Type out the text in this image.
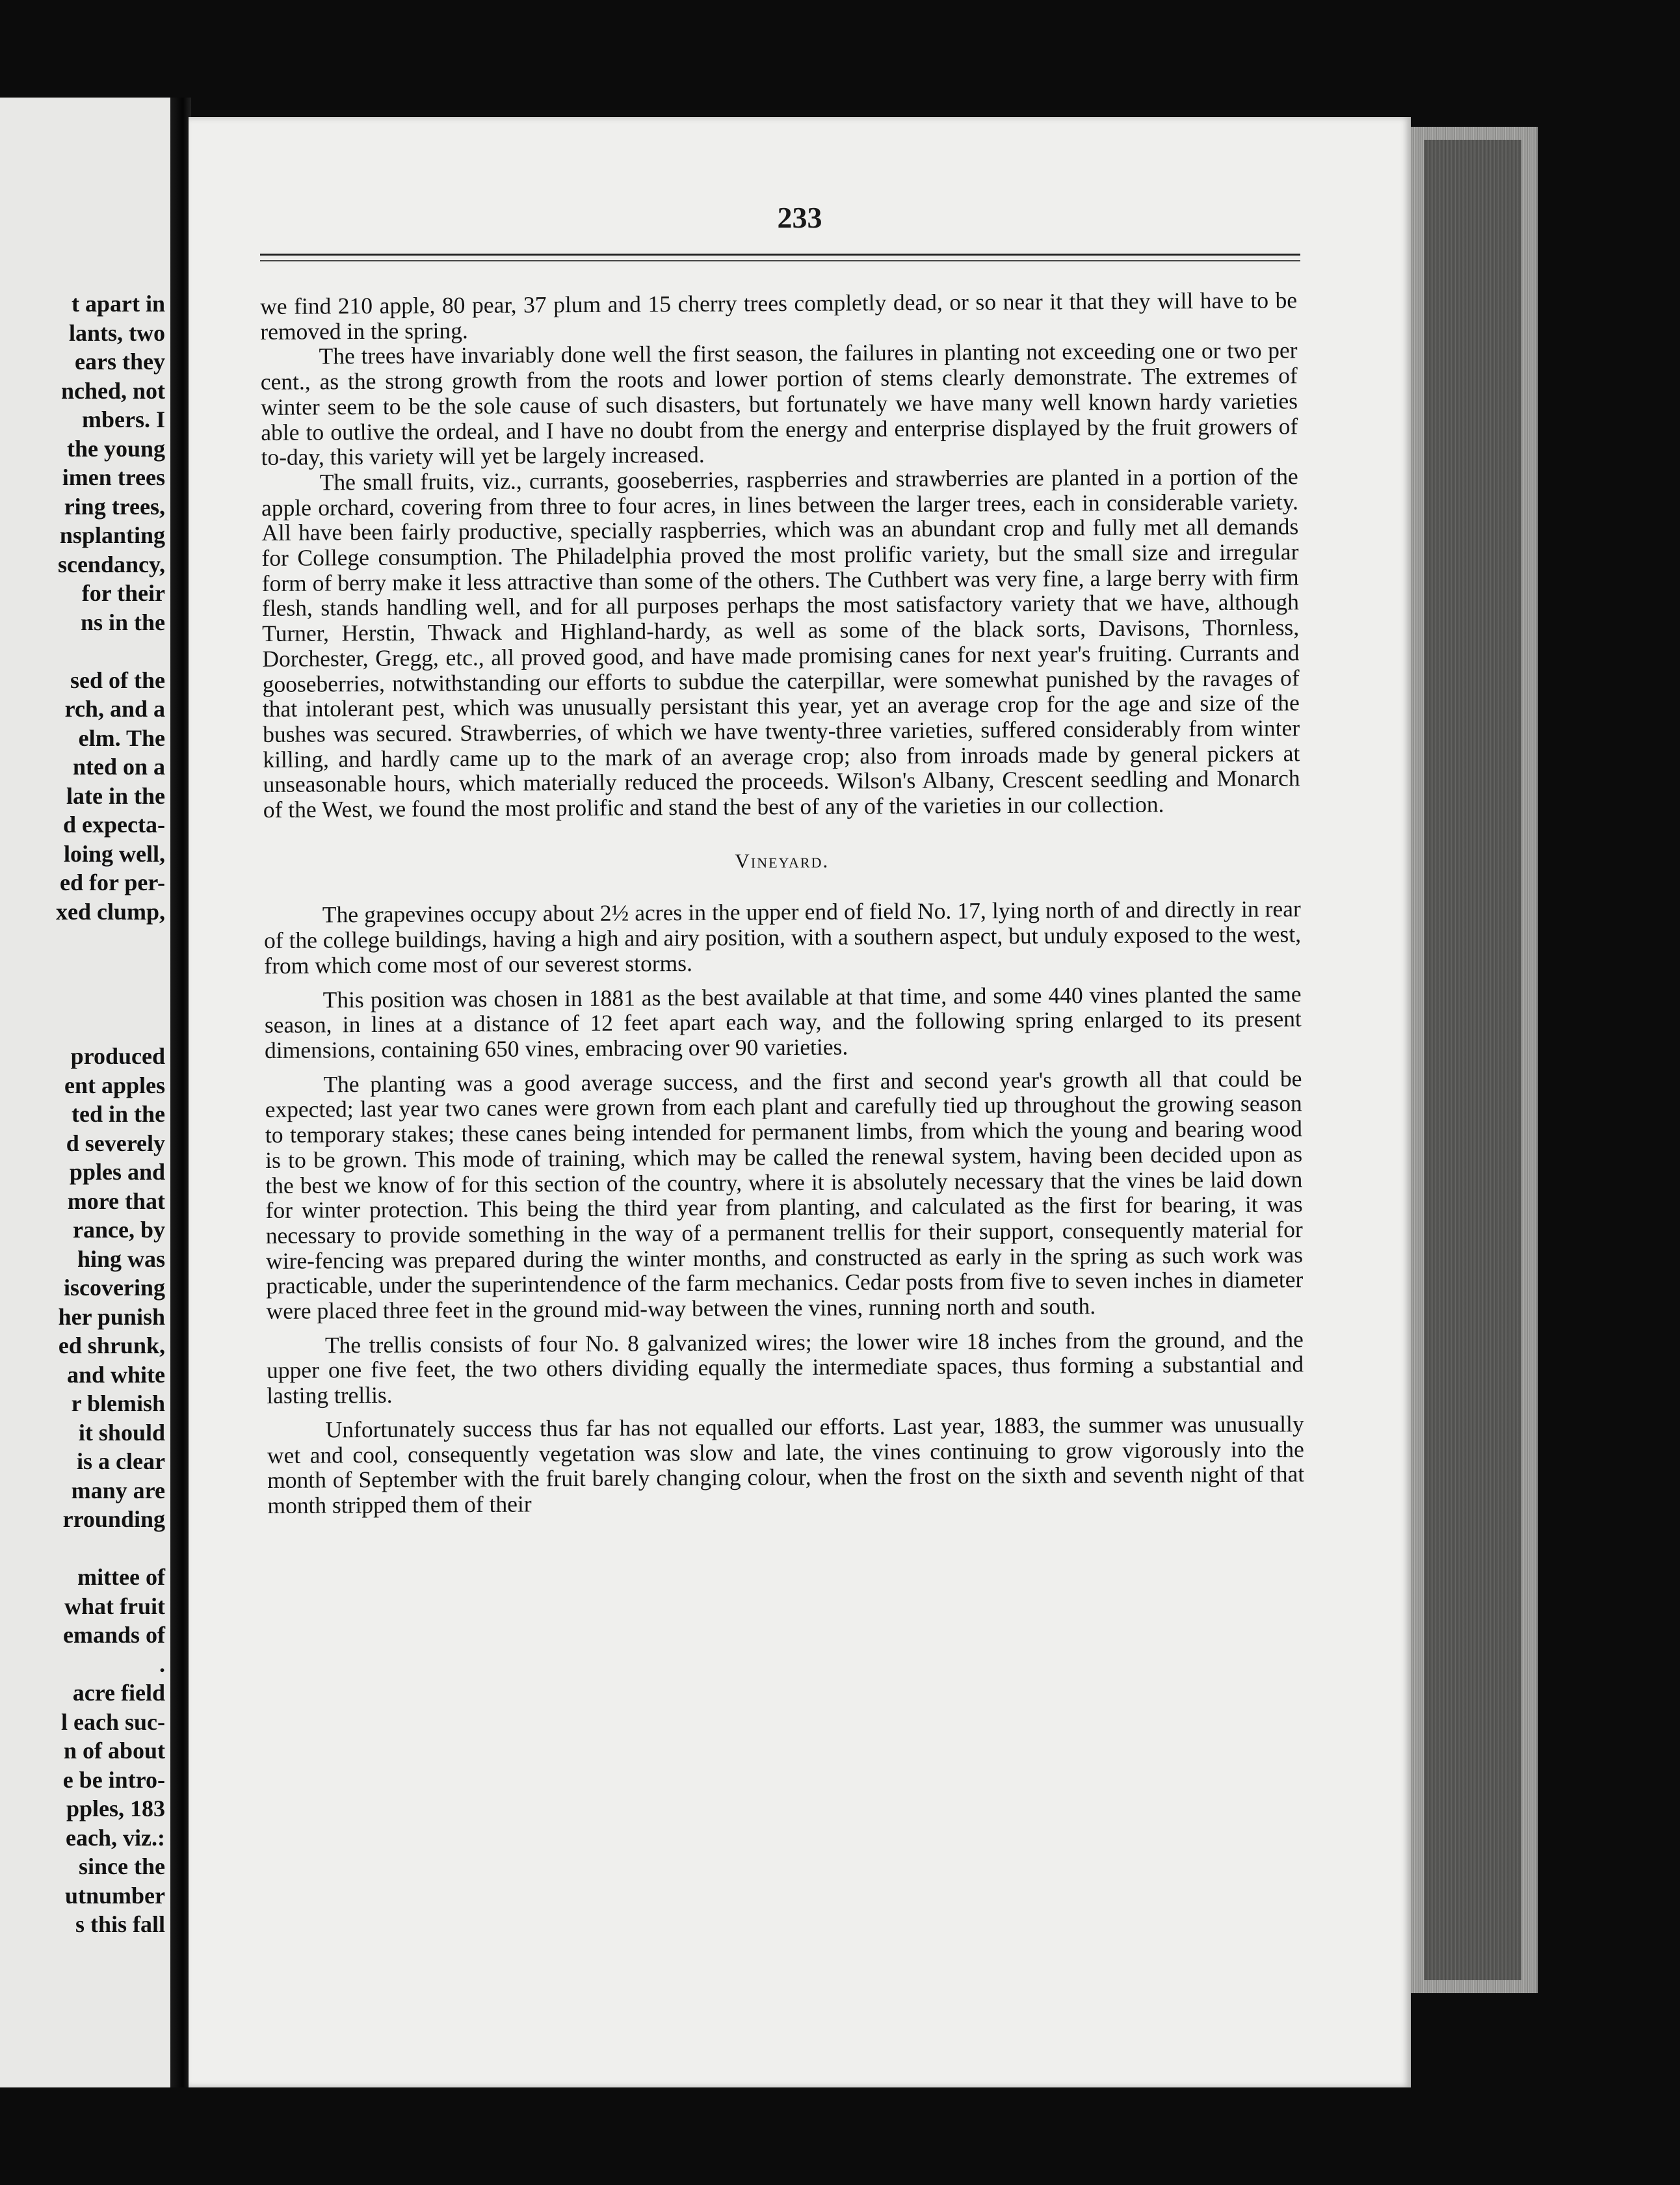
t apart in
lants, two
ears they
nched, not
mbers. I
the young
imen trees
ring trees,
nsplanting
scendancy,
for their
ns in the
sed of the
rch, and a
elm. The
nted on a
late in the
d expecta-
loing well,
ed for per-
xed clump,
produced
ent apples
ted in the
d severely
pples and
more that
rance, by
hing was
iscovering
her punish
ed shrunk,
and white
r blemish
it should
is a clear
many are
rrounding
mittee of
what fruit
emands of
.
acre field
l each suc-
n of about
e be intro-
pples, 183
each, viz.:
since the
utnumber
s this fall
233

we find 210 apple, 80 pear, 37 plum and 15 cherry trees completly dead, or so near it that they will have to be removed in the spring.

The trees have invariably done well the first season, the failures in planting not exceeding one or two per cent., as the strong growth from the roots and lower portion of stems clearly demonstrate. The extremes of winter seem to be the sole cause of such disasters, but fortunately we have many well known hardy varieties able to outlive the ordeal, and I have no doubt from the energy and enterprise displayed by the fruit growers of to-day, this variety will yet be largely increased.

The small fruits, viz., currants, gooseberries, raspberries and strawberries are planted in a portion of the apple orchard, covering from three to four acres, in lines between the larger trees, each in considerable variety. All have been fairly productive, specially raspberries, which was an abundant crop and fully met all demands for College consumption. The Philadelphia proved the most prolific variety, but the small size and irregular form of berry make it less attractive than some of the others. The Cuthbert was very fine, a large berry with firm flesh, stands handling well, and for all purposes perhaps the most satisfactory variety that we have, although Turner, Herstin, Thwack and Highland-hardy, as well as some of the black sorts, Davisons, Thornless, Dorchester, Gregg, etc., all proved good, and have made promising canes for next year's fruiting. Currants and gooseberries, notwithstanding our efforts to subdue the caterpillar, were somewhat punished by the ravages of that intolerant pest, which was unusually persistant this year, yet an average crop for the age and size of the bushes was secured. Strawberries, of which we have twenty-three varieties, suffered considerably from winter killing, and hardly came up to the mark of an average crop; also from inroads made by general pickers at unseasonable hours, which materially reduced the proceeds. Wilson's Albany, Crescent seedling and Monarch of the West, we found the most prolific and stand the best of any of the varieties in our collection.

Vineyard.

The grapevines occupy about 2½ acres in the upper end of field No. 17, lying north of and directly in rear of the college buildings, having a high and airy position, with a southern aspect, but unduly exposed to the west, from which come most of our severest storms.

This position was chosen in 1881 as the best available at that time, and some 440 vines planted the same season, in lines at a distance of 12 feet apart each way, and the following spring enlarged to its present dimensions, containing 650 vines, embracing over 90 varieties.

The planting was a good average success, and the first and second year's growth all that could be expected; last year two canes were grown from each plant and carefully tied up throughout the growing season to temporary stakes; these canes being intended for permanent limbs, from which the young and bearing wood is to be grown. This mode of training, which may be called the renewal system, having been decided upon as the best we know of for this section of the country, where it is absolutely necessary that the vines be laid down for winter protection. This being the third year from planting, and calculated as the first for bearing, it was necessary to provide something in the way of a permanent trellis for their support, consequently material for wire-fencing was prepared during the winter months, and constructed as early in the spring as such work was practicable, under the superintendence of the farm mechanics. Cedar posts from five to seven inches in diameter were placed three feet in the ground mid-way between the vines, running north and south.

The trellis consists of four No. 8 galvanized wires; the lower wire 18 inches from the ground, and the upper one five feet, the two others dividing equally the intermediate spaces, thus forming a substantial and lasting trellis.

Unfortunately success thus far has not equalled our efforts. Last year, 1883, the summer was unusually wet and cool, consequently vegetation was slow and late, the vines continuing to grow vigorously into the month of September with the fruit barely changing colour, when the frost on the sixth and seventh night of that month stripped them of their
